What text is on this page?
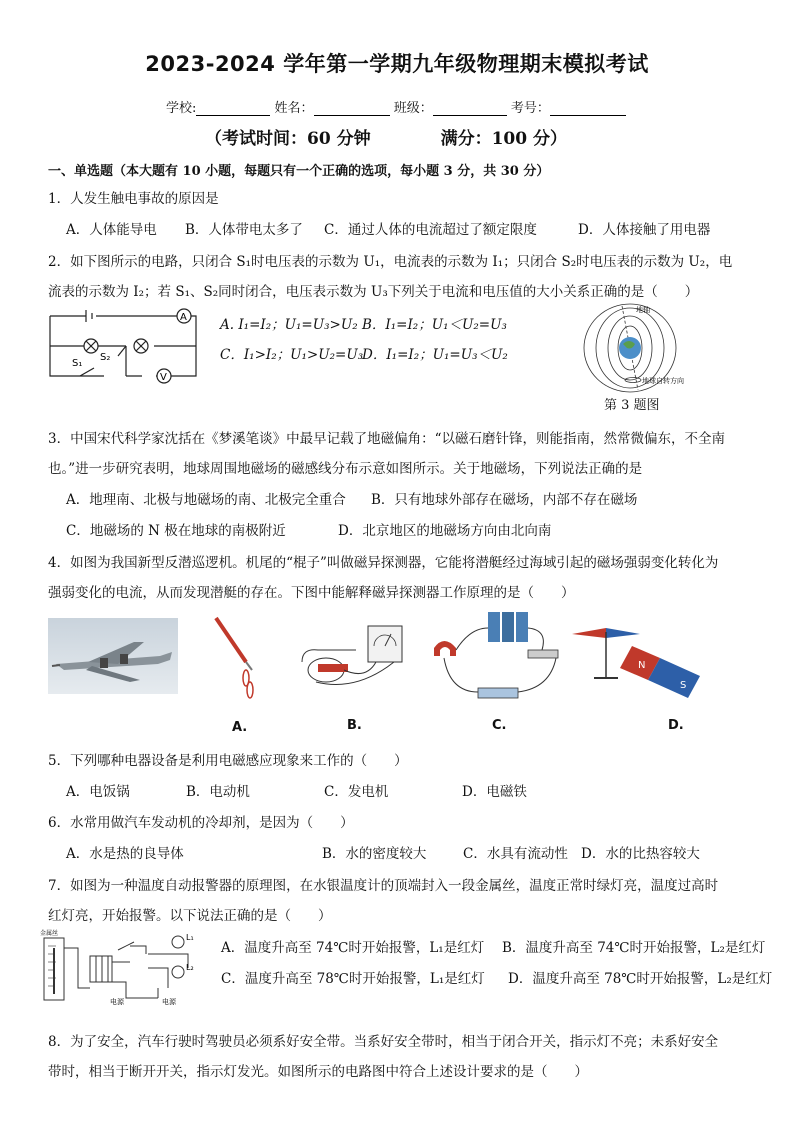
2023-2024 学年第一学期九年级物理期末模拟考试
学校:	姓名：	班级：	考号：
（考试时间：60 分钟	满分：100 分）
一、单选题（本大题有 10 小题，每题只有一个正确的选项，每小题 3 分，共 30 分）
1．人发生触电事故的原因是
A．人体能导电 B．人体带电太多了 C．通过人体的电流超过了额定限度	D．人体接触了用电器
2．如下图所示的电路，只闭合 S₁时电压表的示数为 U₁，电流表的示数为 I₁；只闭合 S₂时电压表的示数为 U₂，电
流表的示数为 I₂；若 S₁、S₂同时闭合，电压表示数为 U₃下列关于电流和电压值的大小关系正确的是（　　）
A
V
S₁
S₂
A. I₁=I₂；U₁=U₃>U₂ B．I₁=I₂；U₁＜U₂=U₃
C．I₁>I₂；U₁>U₂=U₃
D．I₁=I₂；U₁=U₃＜U₂
地轴
地球自转方向
第 3 题图
3．中国宋代科学家沈括在《梦溪笔谈》中最早记载了地磁偏角：“以磁石磨针锋，则能指南，然常微偏东，不全南
也。”进一步研究表明，地球周围地磁场的磁感线分布示意如图所示。关于地磁场，下列说法正确的是
A．地理南、北极与地磁场的南、北极完全重合 B．只有地球外部存在磁场，内部不存在磁场
C．地磁场的 N 极在地球的南极附近	D．北京地区的地磁场方向由北向南
4．如图为我国新型反潜巡逻机。机尾的“棍子”叫做磁异探测器，它能将潜艇经过海域引起的磁场强弱变化转化为
强弱变化的电流，从而发现潜艇的存在。下图中能解释磁异探测器工作原理的是（　　）
A.	B.	C.
N
S
D.
5．下列哪种电器设备是利用电磁感应现象来工作的（　　）
A．电饭锅	B．电动机	C．发电机	D．电磁铁
6．水常用做汽车发动机的冷却剂，是因为（　　）
A．水是热的良导体	B．水的密度较大	C．水具有流动性 D．水的比热容较大
7．如图为一种温度自动报警器的原理图，在水银温度计的顶端封入一段金属丝，温度正常时绿灯亮，温度过高时
红灯亮，开始报警。以下说法正确的是（　　）
金属丝	L₁
L₂
电源	电源
A．温度升高至 74℃时开始报警，L₁是红灯 B．温度升高至 74℃时开始报警，L₂是红灯
C．温度升高至 78℃时开始报警，L₁是红灯 D．温度升高至 78℃时开始报警，L₂是红灯
8．为了安全，汽车行驶时驾驶员必须系好安全带。当系好安全带时，相当于闭合开关，指示灯不亮；未系好安全
带时，相当于断开开关，指示灯发光。如图所示的电路图中符合上述设计要求的是（　　）
